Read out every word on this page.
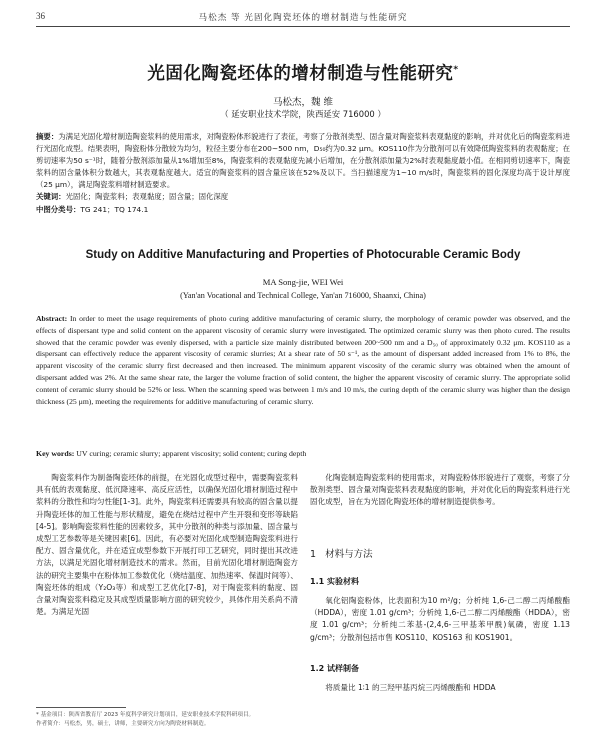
36	马松杰 等 光固化陶瓷坯体的增材制造与性能研究
光固化陶瓷坯体的增材制造与性能研究*
马松杰，魏 维
（ 延安职业技术学院，陕西延安 716000 ）
摘要：为满足光固化增材制造陶瓷浆料的使用需求，对陶瓷粉体形貌进行了表征，考察了分散剂类型、固含量对陶瓷浆料表观黏度的影响，并对优化后的陶瓷浆料进行光固化成型。结果表明，陶瓷粉体分散较为均匀，粒径主要分布在200~500 nm，D₅₀约为0.32 μm。KOS110作为分散剂可以有效降低陶瓷浆料的表观黏度；在剪切速率为50 s⁻¹时，随着分散剂添加量从1%增加至8%，陶瓷浆料的表观黏度先减小后增加，在分散剂添加量为2%时表观黏度最小值。在相同剪切速率下，陶瓷浆料的固含量体积分数越大，其表观黏度越大。适宜的陶瓷浆料的固含量应该在52%及以下。当扫描速度为1~10 m/s时，陶瓷浆料的固化深度均高于设计厚度（25 μm），满足陶瓷浆料增材制造要求。
关键词：光固化；陶瓷浆料；表观黏度；固含量；固化深度
中图分类号：TG 241；TQ 174.1
Study on Additive Manufacturing and Properties of Photocurable Ceramic Body
MA Song-jie, WEI Wei
(Yan'an Vocational and Technical College, Yan'an 716000, Shaanxi, China)
Abstract: In order to meet the usage requirements of photo curing additive manufacturing of ceramic slurry, the morphology of ceramic powder was observed, and the effects of dispersant type and solid content on the apparent viscosity of ceramic slurry were investigated. The optimized ceramic slurry was then photo cured. The results showed that the ceramic powder was evenly dispersed, with a particle size mainly distributed between 200~500 nm and a D₅₀ of approximately 0.32 μm. KOS110 as a dispersant can effectively reduce the apparent viscosity of ceramic slurries; At a shear rate of 50 s⁻¹, as the amount of dispersant added increased from 1% to 8%, the apparent viscosity of the ceramic slurry first decreased and then increased. The minimum apparent viscosity of the ceramic slurry was obtained when the amount of dispersant added was 2%. At the same shear rate, the larger the volume fraction of solid content, the higher the apparent viscosity of ceramic slurry. The appropriate solid content of ceramic slurry should be 52% or less. When the scanning speed was between 1 m/s and 10 m/s, the curing depth of the ceramic slurry was higher than the design thickness (25 μm), meeting the requirements for additive manufacturing of ceramic slurry.
Key words: UV curing; ceramic slurry; apparent viscosity; solid content; curing depth

陶瓷浆料作为制备陶瓷坯体的前提，在光固化成型过程中，需要陶瓷浆料具有低的表观黏度、低沉降速率、高反应活性，以确保光固化增材制造过程中浆料的分散性和均匀性能[1-3]。此外，陶瓷浆料还需要具有较高的固含量以提升陶瓷坯体的加工性能与形状精度，避免在烧结过程中产生开裂和变形等缺陷[4-5]。影响陶瓷浆料性能的因素较多，其中分散剂的种类与添加量、固含量与成型工艺参数等是关键因素[6]。因此，有必要对光固化成型制造陶瓷浆料进行配方、固含量优化，并在适宜成型参数下开展打印工艺研究，同时提出其改进方法，以满足光固化增材制造技术的需求。然而，目前光固化增材制造陶瓷方法的研究主要集中在粉体加工参数优化（烧结温度、加热速率、保温时间等）、陶瓷坯体的组成（Y₂O₃等）和成型工艺优化[7-8]，对于陶瓷浆料的黏度、固含量对陶瓷浆料稳定及其成型质量影响方面的研究较少，具体作用关系尚不清楚。为满足光固

化陶瓷制造陶瓷浆料的使用需求，对陶瓷粉体形貌进行了观察，考察了分散剂类型、固含量对陶瓷浆料表观黏度的影响，并对优化后的陶瓷浆料进行光固化成型，旨在为光固化陶瓷坯体的增材制造提供参考。

1 材料与方法
1.1 实验材料

氧化铝陶瓷粉体，比表面积为10 m²/g；分析纯 1,6-己二醇二丙烯酸酯（HDDA），密度 1.01 g/cm³；分析纯 1,6-己二醇二丙烯酸酯（HDDA），密度 1.01 g/cm³；分析纯二苯基-(2,4,6-三甲基苯甲酰)氧磷，密度 1.13 g/cm³；分散剂包括市售 KOS110、KOS163 和 KOS1901。

1.2 试样制备

将质量比 1∶1 的三羟甲基丙烷三丙烯酸酯和 HDDA

* 基金项目：陕西省教育厅 2023 年度科学研究计划项目，延安职业技术学院科研项目。
作者简介：马松杰，男，硕士，讲师，主要研究方向为陶瓷材料制造。
